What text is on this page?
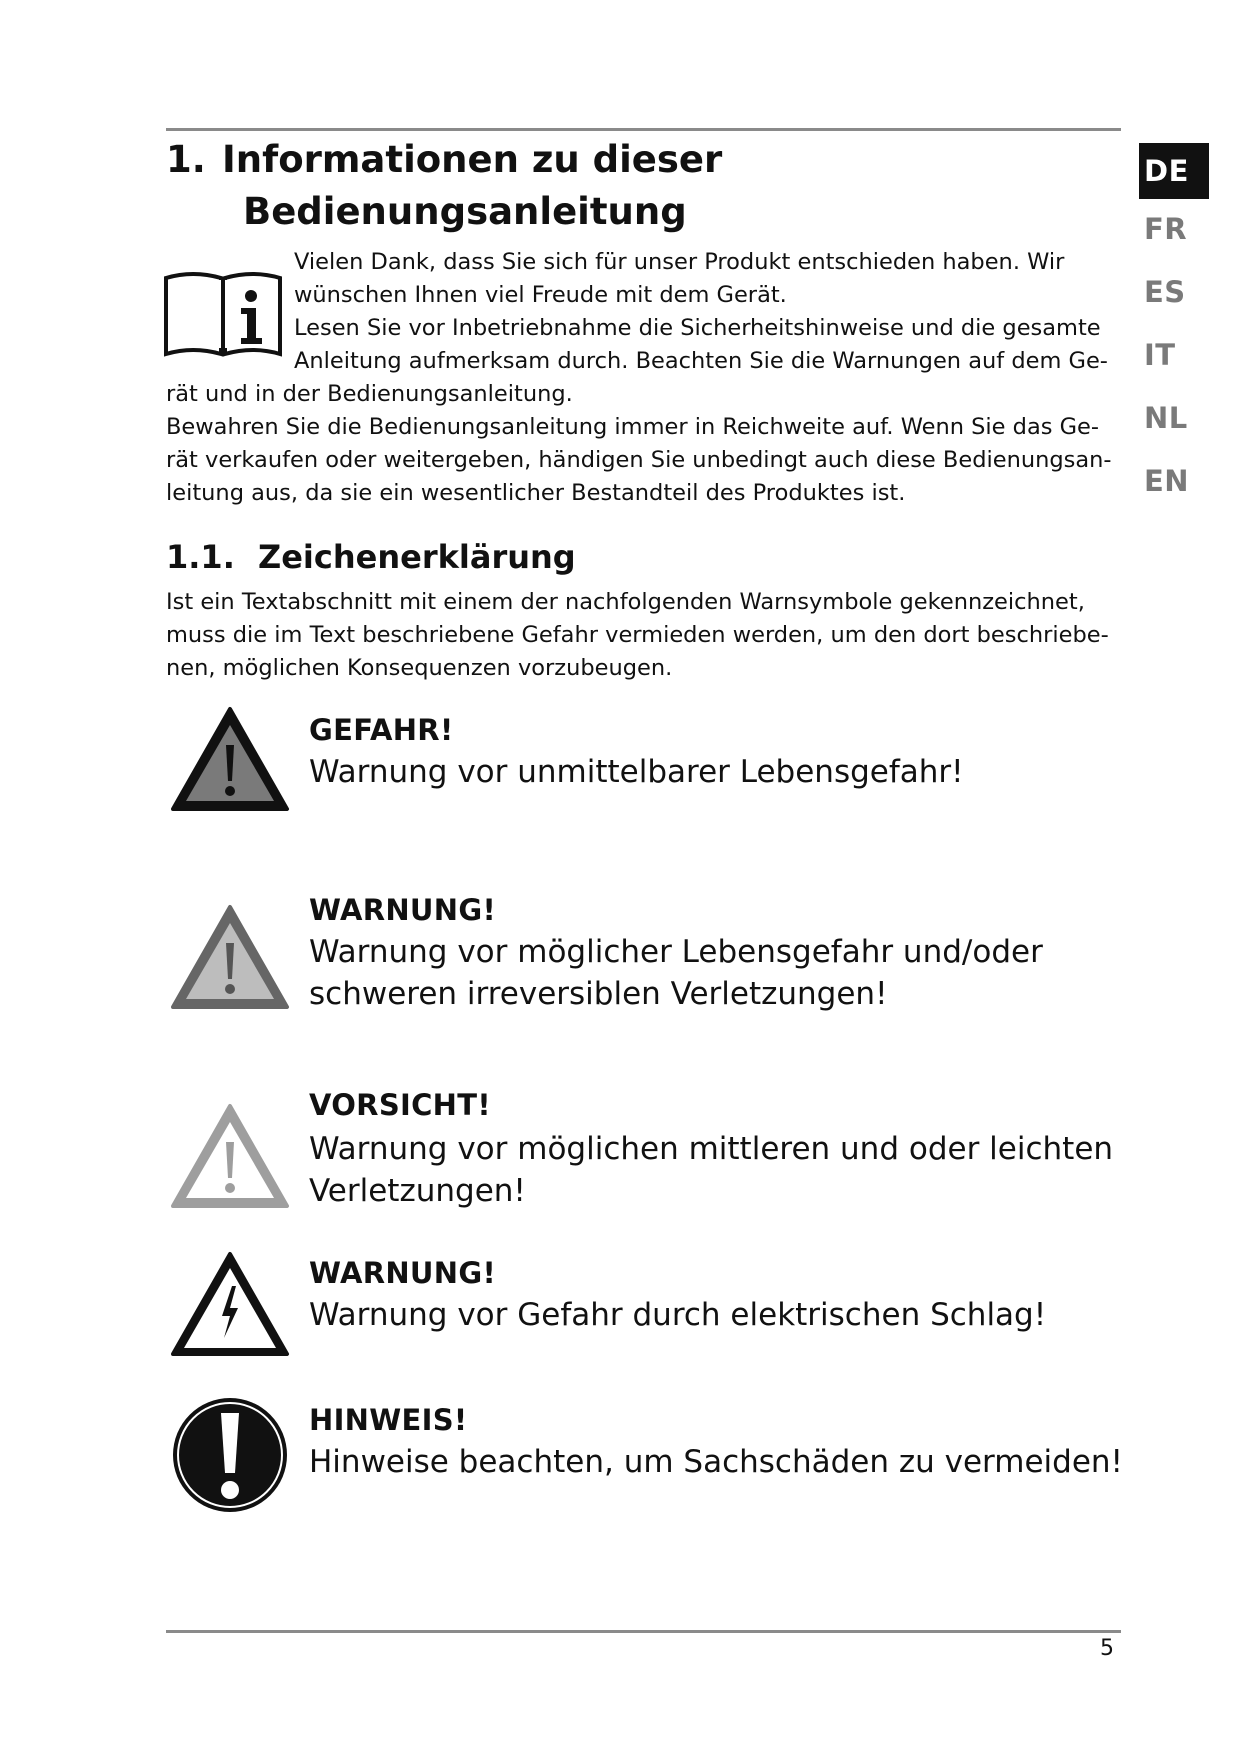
DE
FR
ES
IT
NL
EN
1. Informationen zu dieser
Bedienungsanleitung

Vielen Dank, dass Sie sich für unser Produkt entschieden haben. Wir

wünschen Ihnen viel Freude mit dem Gerät.

Lesen Sie vor Inbetriebnahme die Sicherheitshinweise und die gesamte

Anleitung aufmerksam durch. Beachten Sie die Warnungen auf dem Ge-

rät und in der Bedienungsanleitung.

Bewahren Sie die Bedienungsanleitung immer in Reichweite auf. Wenn Sie das Ge-

rät verkaufen oder weitergeben, händigen Sie unbedingt auch diese Bedienungsan-

leitung aus, da sie ein wesentlicher Bestandteil des Produktes ist.

1.1. Zeichenerklärung
Ist ein Textabschnitt mit einem der nachfolgenden Warnsymbole gekennzeichnet,
muss die im Text beschriebene Gefahr vermieden werden, um den dort beschriebe-
nen, möglichen Konsequenzen vorzubeugen.
GEFAHR!
Warnung vor unmittelbarer Lebensgefahr!
WARNUNG!
Warnung vor möglicher Lebensgefahr und/oder
schweren irreversiblen Verletzungen!
VORSICHT!
Warnung vor möglichen mittleren und oder leichten
Verletzungen!
WARNUNG!
Warnung vor Gefahr durch elektrischen Schlag!
HINWEIS!
Hinweise beachten, um Sachschäden zu vermeiden!
5
